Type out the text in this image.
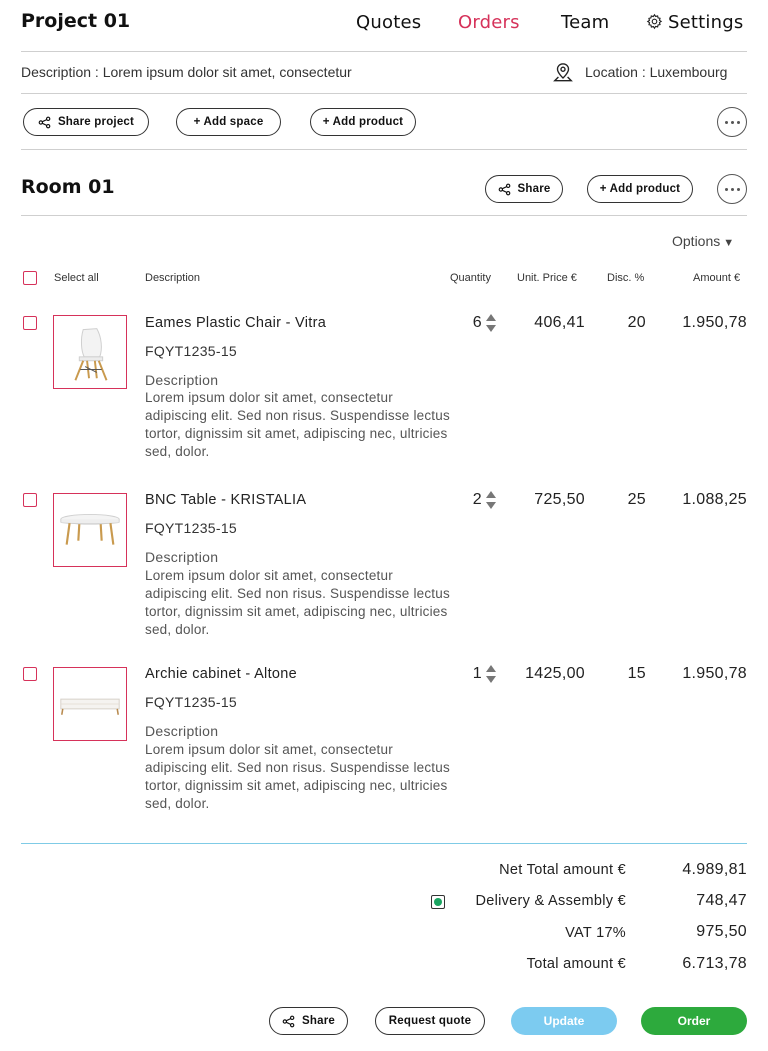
Project 01	Quotes Orders Team	Settings
Description : Lorem ipsum dolor sit amet, consectetur	Location : Luxembourg
Share project	+ Add space	+ Add product
Room 01	Share	+ Add product
Options ▼
Select all	Description	Quantity Unit. Price €	Disc. %	Amount €
Eames Plastic Chair - Vitra
FQYT1235-15
Description
Lorem ipsum dolor sit amet, consectetur adipiscing elit. Sed non risus. Suspendisse lectus tortor, dignissim sit amet, adipiscing nec, ultricies sed, dolor.
6	406,41	20	1.950,78
BNC Table - KRISTALIA
FQYT1235-15
Description
Lorem ipsum dolor sit amet, consectetur adipiscing elit. Sed non risus. Suspendisse lectus tortor, dignissim sit amet, adipiscing nec, ultricies sed, dolor.
2	725,50	25	1.088,25
Archie cabinet - Altone
FQYT1235-15
Description
Lorem ipsum dolor sit amet, consectetur adipiscing elit. Sed non risus. Suspendisse lectus tortor, dignissim sit amet, adipiscing nec, ultricies sed, dolor.
1	1425,00	15	1.950,78
Net Total amount €	4.989,81
Delivery & Assembly €	748,47
VAT 17%	975,50
Total amount €	6.713,78
Share	Request quote	Update	Order
